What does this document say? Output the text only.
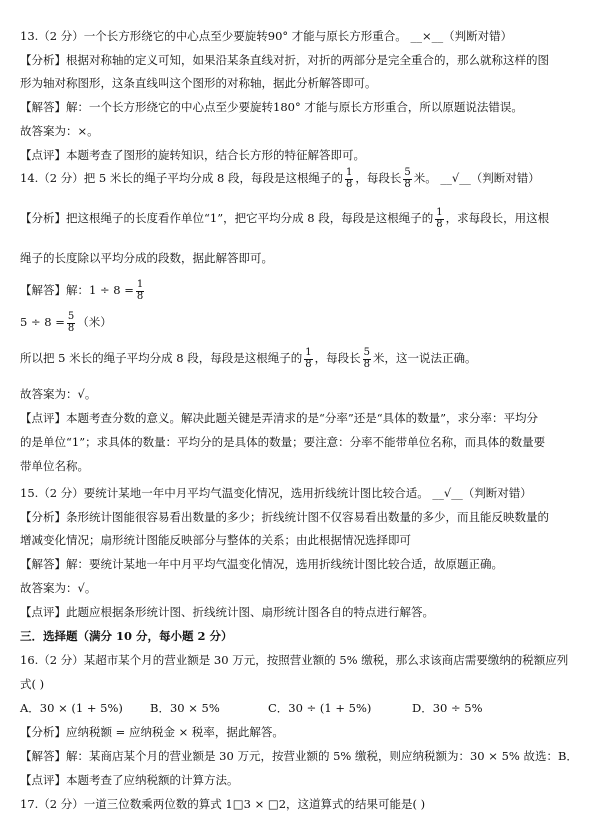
13.（2 分）一个长方形绕它的中心点至少要旋转90° 才能与原长方形重合。 __×__（判断对错）
【分析】根据对称轴的定义可知，如果沿某条直线对折，对折的两部分是完全重合的，那么就称这样的图
形为轴对称图形，这条直线叫这个图形的对称轴，据此分析解答即可。
【解答】解：一个长方形绕它的中心点至少要旋转180° 才能与原长方形重合，所以原题说法错误。
故答案为：×。
【点评】本题考查了图形的旋转知识，结合长方形的特征解答即可。
14.（2 分）把 5 米长的绳子平均分成 8 段，每段是这根绳子的 $\frac{1}{8}$ ，每段长 $\frac{5}{8}$ 米。 __√__（判断对错）
【分析】把这根绳子的长度看作单位“1”，把它平均分成 8 段，每段是这根绳子的 $\frac{1}{8}$ ，求每段长，用这根
绳子的长度除以平均分成的段数，据此解答即可。
【解答】解：$1 \div 8 = \frac{1}{8}$
$5 \div 8 = \frac{5}{8}$ （米）
所以把 5 米长的绳子平均分成 8 段，每段是这根绳子的 $\frac{1}{8}$ ，每段长 $\frac{5}{8}$ 米，这一说法正确。
故答案为：√。
【点评】本题考查分数的意义。解决此题关键是弄清求的是“分率”还是“具体的数量”，求分率：平均分
的是单位“1”；求具体的数量：平均分的是具体的数量；要注意：分率不能带单位名称，而具体的数量要
带单位名称。
15.（2 分）要统计某地一年中月平均气温变化情况，选用折线统计图比较合适。 __√__（判断对错）
【分析】条形统计图能很容易看出数量的多少；折线统计图不仅容易看出数量的多少，而且能反映数量的
增减变化情况；扇形统计图能反映部分与整体的关系；由此根据情况选择即可
【解答】解：要统计某地一年中月平均气温变化情况，选用折线统计图比较合适，故原题正确。
故答案为：√。
【点评】此题应根据条形统计图、折线统计图、扇形统计图各自的特点进行解答。
三．选择题（满分 10 分，每小题 2 分）
16.（2 分）某超市某个月的营业额是 30 万元，按照营业额的 5% 缴税，那么求该商店需要缴纳的税额应列
式( )
A．30 × (1 + 5%) B．30 × 5%	C．30 ÷ (1 + 5%)	D．30 ÷ 5%
【分析】应纳税额 = 应纳税金 × 税率，据此解答。
【解答】解：某商店某个月的营业额是 30 万元，按营业额的 5% 缴税，则应纳税额为：30 × 5% 故选：B．
【点评】本题考查了应纳税额的计算方法。
17.（2 分）一道三位数乘两位数的算式 1□3 × □2，这道算式的结果可能是( )
